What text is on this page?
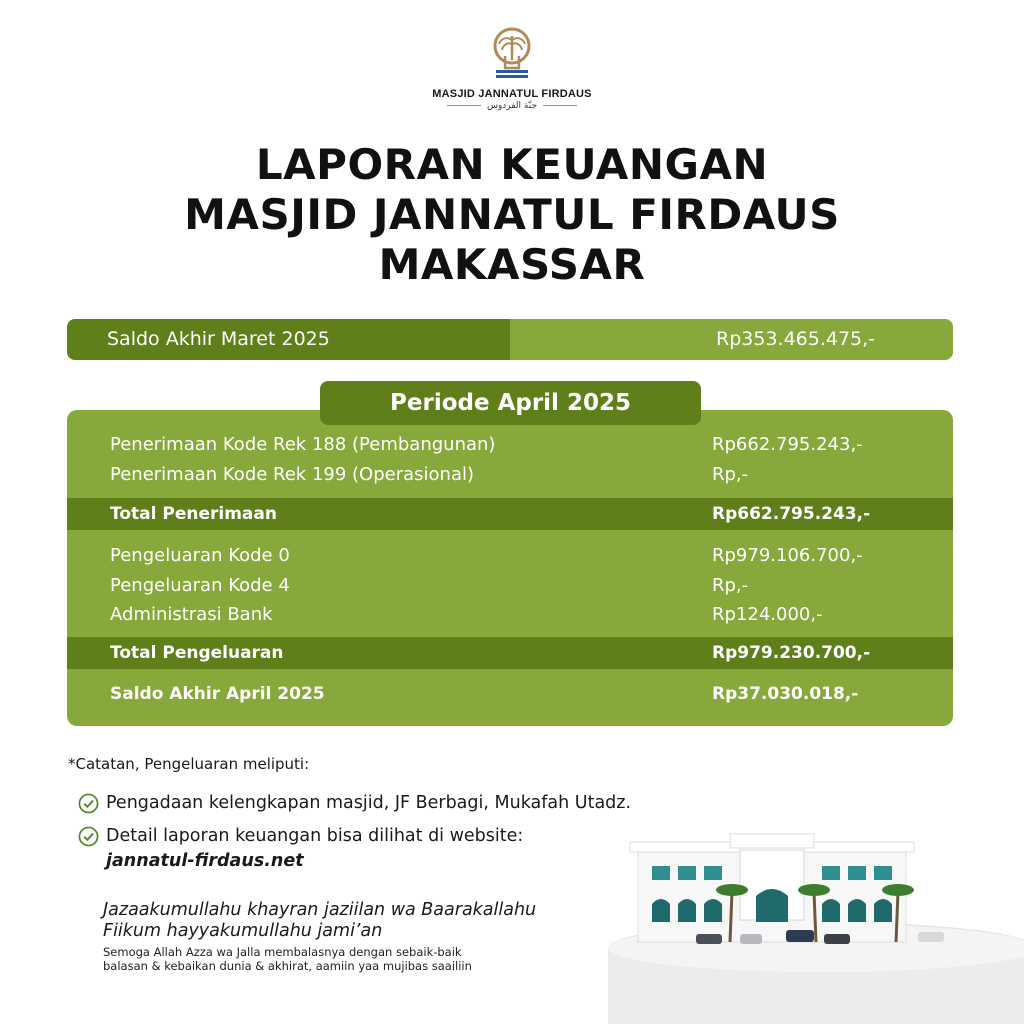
MASJID JANNATUL FIRDAUS
جنّة الفردوس
LAPORAN KEUANGAN
MASJID JANNATUL FIRDAUS
MAKASSAR
Saldo Akhir Maret 2025	Rp353.465.475,-
Periode April 2025
Penerimaan Kode Rek 188 (Pembangunan)	Rp662.795.243,-
Penerimaan Kode Rek 199 (Operasional)	Rp,-
Total Penerimaan	Rp662.795.243,-
Pengeluaran Kode 0	Rp979.106.700,-
Pengeluaran Kode 4	Rp,-
Administrasi Bank	Rp124.000,-
Total Pengeluaran	Rp979.230.700,-
Saldo Akhir April 2025	Rp37.030.018,-
*Catatan, Pengeluaran meliputi:
Pengadaan kelengkapan masjid, JF Berbagi, Mukafah Utadz.
Detail laporan keuangan bisa dilihat di website:
jannatul-firdaus.net
Jazaakumullahu khayran jaziilan wa Baarakallahu
Fiikum hayyakumullahu jami’an
Semoga Allah Azza wa Jalla membalasnya dengan sebaik-baik
balasan & kebaikan dunia & akhirat, aamiin yaa mujibas saailiin
